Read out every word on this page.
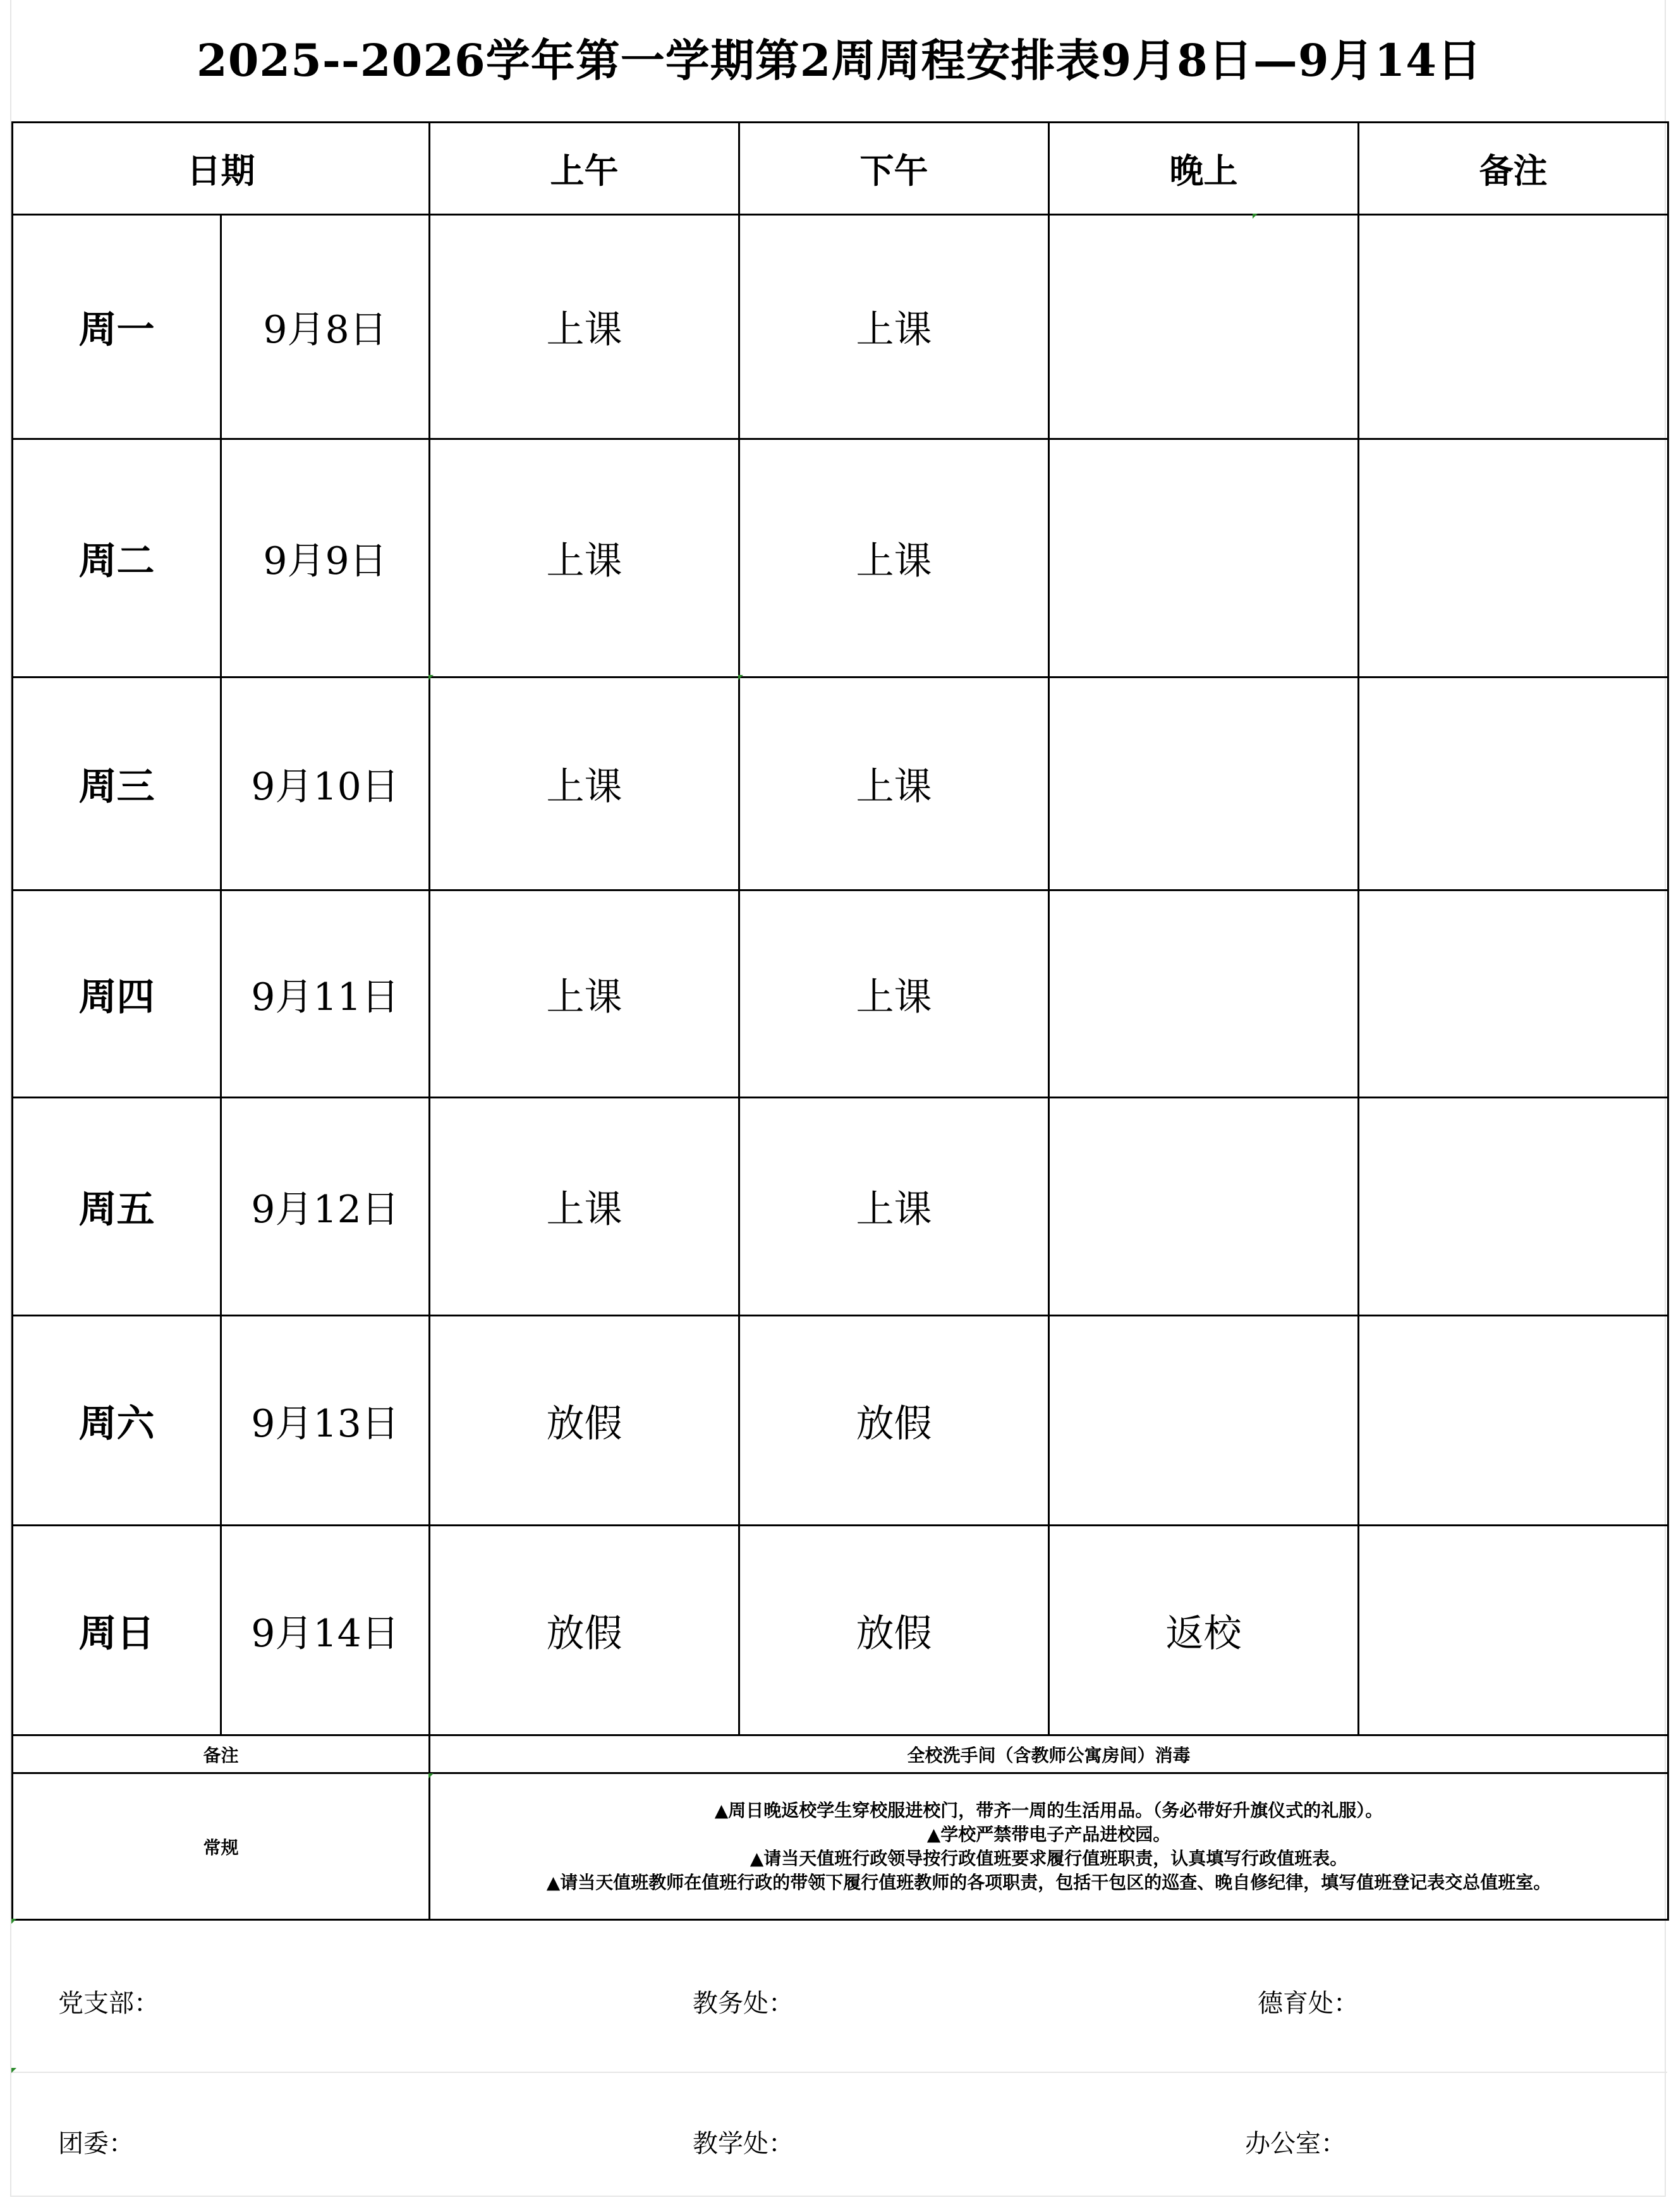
2025--2026学年第一学期第2周周程安排表9月8日—9月14日
日期		上午	下午	晚上	备注
周一	9月8日	上课	上课		
周二	9月9日	上课	上课		
周三	9月10日	上课	上课		
周四	9月11日	上课	上课		
周五	9月12日	上课	上课		
周六	9月13日	放假	放假		
周日	9月14日	放假	放假	返校	
备注		全校洗手间（含教师公寓房间）消毒			
常规		▲周日晚返校学生穿校服进校门，带齐一周的生活用品。（务必带好升旗仪式的礼服）。
▲学校严禁带电子产品进校园。
▲请当天值班行政领导按行政值班要求履行值班职责，认真填写行政值班表。
▲请当天值班教师在值班行政的带领下履行值班教师的各项职责，包括干包区的巡查、晚自修纪律，填写值班登记表交总值班室。			
党支部：	教务处：	德育处：
团委：	教学处：	办公室：
